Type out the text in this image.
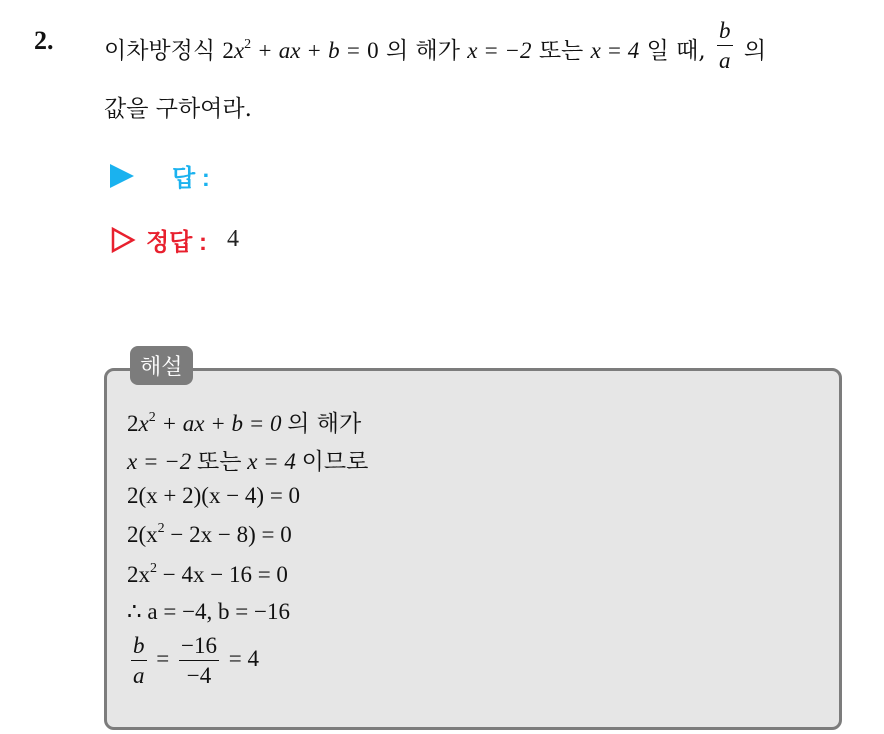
2. 이차방정식 $2x^2$ + ax + b = 0 의 해가 x = −2 또는 x = 4 일 때, $\frac{b}{a}$ 의
값을 구하여라.
답 :
정답 : 4
해설
$2x^2$ + ax + b = 0 의 해가
x = −2 또는 x = 4 이므로
2(x + 2)(x − 4) = 0
$2(x^2 - 2x - 8) = 0$
$2x^2 - 4x - 16 = 0$
∴ a = −4, b = −16
$\frac{b}{a} = \frac{-16}{-4} = 4$
